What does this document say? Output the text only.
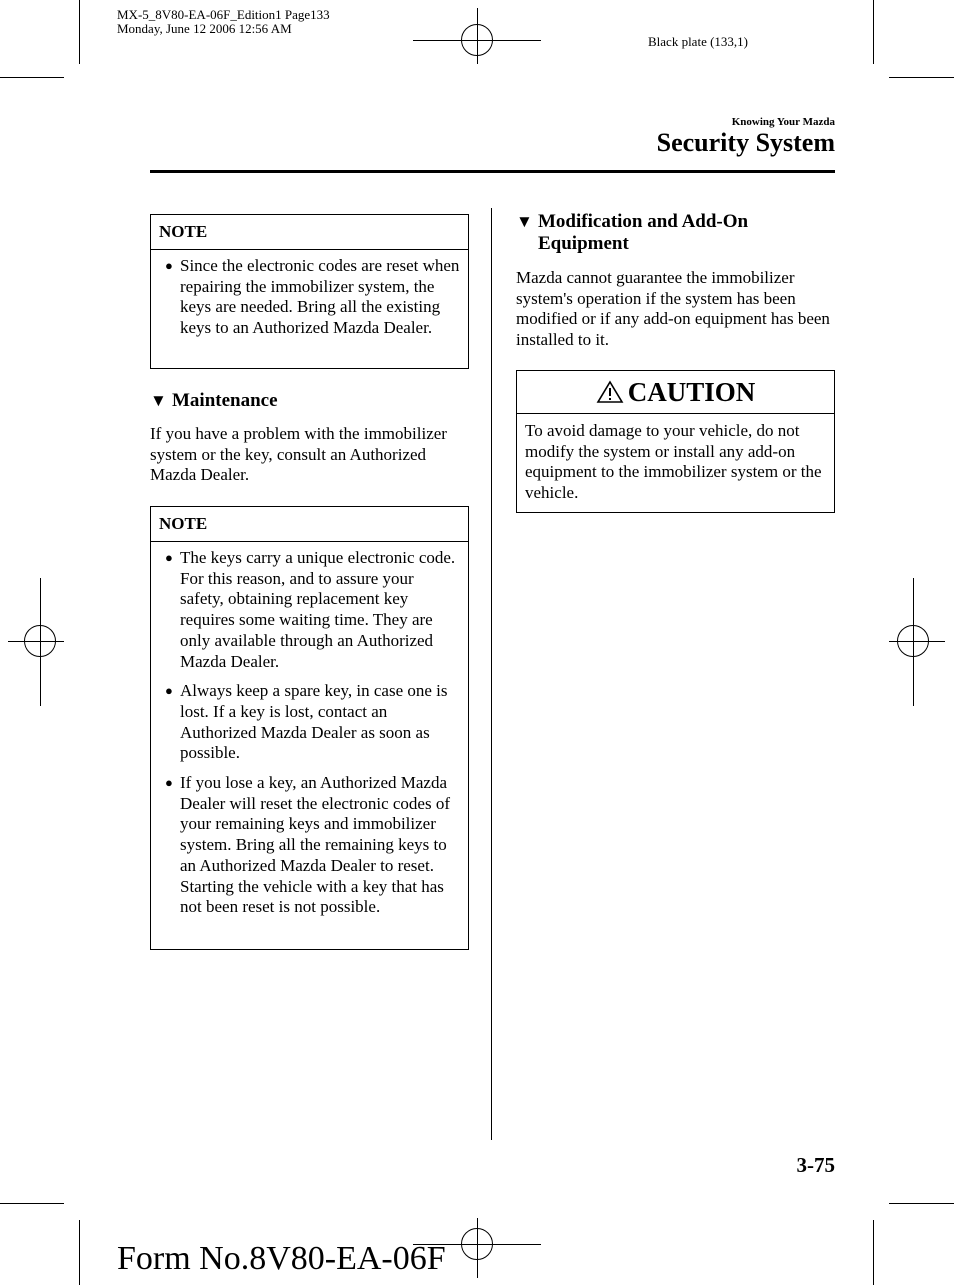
MX-5_8V80-EA-06F_Edition1 Page133
Monday, June 12 2006 12:56 AM
Black plate (133,1)
Knowing Your Mazda
Security System
NOTE
● Since the electronic codes are reset when repairing the immobilizer system, the keys are needed. Bring all the existing keys to an Authorized Mazda Dealer.
▼ Maintenance
If you have a problem with the immobilizer system or the key, consult an Authorized Mazda Dealer.
NOTE
● The keys carry a unique electronic code. For this reason, and to assure your safety, obtaining replacement key requires some waiting time. They are only available through an Authorized Mazda Dealer.
● Always keep a spare key, in case one is lost. If a key is lost, contact an Authorized Mazda Dealer as soon as possible.
● If you lose a key, an Authorized Mazda Dealer will reset the electronic codes of your remaining keys and immobilizer system. Bring all the remaining keys to an Authorized Mazda Dealer to reset. Starting the vehicle with a key that has not been reset is not possible.
▼ Modification and Add-On
Equipment
Mazda cannot guarantee the immobilizer system's operation if the system has been modified or if any add-on equipment has been installed to it.
CAUTION
To avoid damage to your vehicle, do not modify the system or install any add-on equipment to the immobilizer system or the vehicle.
3-75
Form No.8V80-EA-06F
